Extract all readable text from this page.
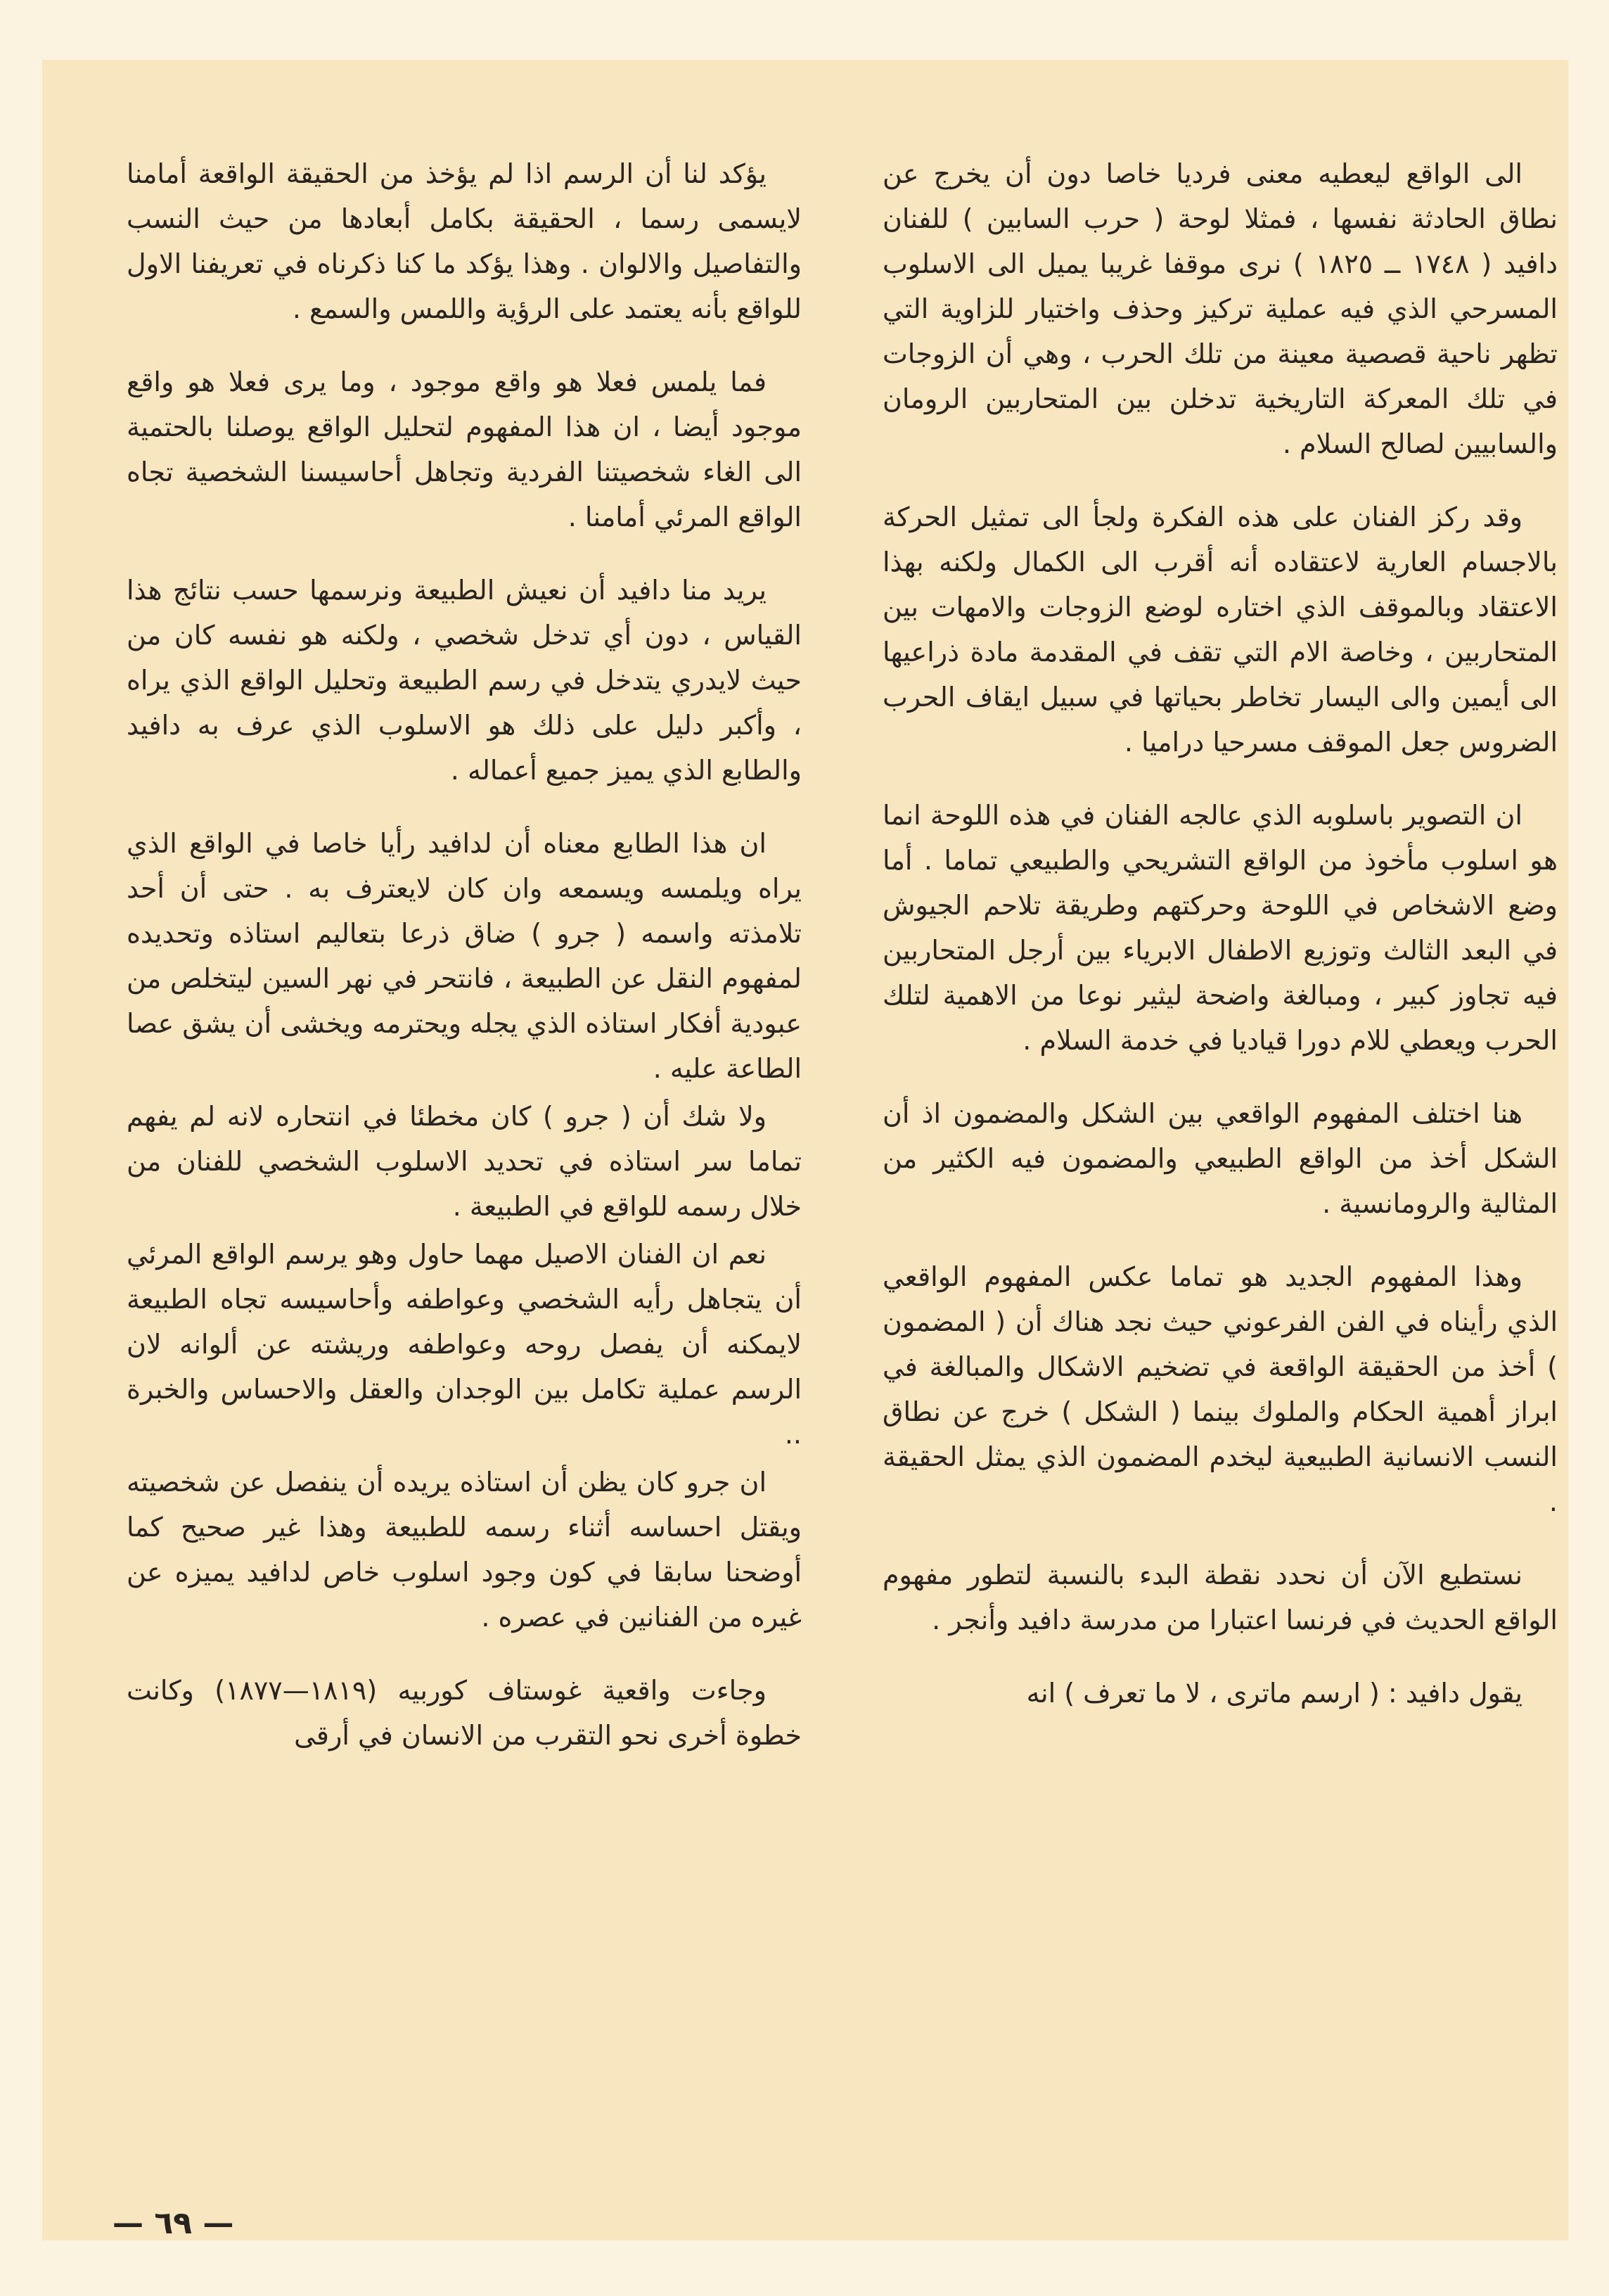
الى الواقع ليعطيه معنى فرديا خاصا دون أن يخرج عن نطاق الحادثة نفسها ، فمثلا لوحة ( حرب السابين ) للفنان دافيد ( ١٧٤٨ ــ ١٨٢٥ ) نرى موقفا غريبا يميل الى الاسلوب المسرحي الذي فيه عملية تركيز وحذف واختيار للزاوية التي تظهر ناحية قصصية معينة من تلك الحرب ، وهي أن الزوجات في تلك المعركة التاريخية تدخلن بين المتحاربين الرومان والسابيين لصالح السلام .

وقد ركز الفنان على هذه الفكرة ولجأ الى تمثيل الحركة بالاجسام العارية لاعتقاده أنه أقرب الى الكمال ولكنه بهذا الاعتقاد وبالموقف الذي اختاره لوضع الزوجات والامهات بين المتحاربين ، وخاصة الام التي تقف في المقدمة مادة ذراعيها الى أيمين والى اليسار تخاطر بحياتها في سبيل ايقاف الحرب الضروس جعل الموقف مسرحيا دراميا .

ان التصوير باسلوبه الذي عالجه الفنان في هذه اللوحة انما هو اسلوب مأخوذ من الواقع التشريحي والطبيعي تماما . أما وضع الاشخاص في اللوحة وحركتهم وطريقة تلاحم الجيوش في البعد الثالث وتوزيع الاطفال الابرياء بين أرجل المتحاربين فيه تجاوز كبير ، ومبالغة واضحة ليثير نوعا من الاهمية لتلك الحرب ويعطي للام دورا قياديا في خدمة السلام .

هنا اختلف المفهوم الواقعي بين الشكل والمضمون اذ أن الشكل أخذ من الواقع الطبيعي والمضمون فيه الكثير من المثالية والرومانسية .

وهذا المفهوم الجديد هو تماما عكس المفهوم الواقعي الذي رأيناه في الفن الفرعوني حيث نجد هناك أن ( المضمون ) أخذ من الحقيقة الواقعة في تضخيم الاشكال والمبالغة في ابراز أهمية الحكام والملوك بينما ( الشكل ) خرج عن نطاق النسب الانسانية الطبيعية ليخدم المضمون الذي يمثل الحقيقة .

نستطيع الآن أن نحدد نقطة البدء بالنسبة لتطور مفهوم الواقع الحديث في فرنسا اعتبارا من مدرسة دافيد وأنجر .

يقول دافيد : ( ارسم ماترى ، لا ما تعرف ) انه

يؤكد لنا أن الرسم اذا لم يؤخذ من الحقيقة الواقعة أمامنا لايسمى رسما ، الحقيقة بكامل أبعادها من حيث النسب والتفاصيل والالوان . وهذا يؤكد ما كنا ذكرناه في تعريفنا الاول للواقع بأنه يعتمد على الرؤية واللمس والسمع .

فما يلمس فعلا هو واقع موجود ، وما يرى فعلا هو واقع موجود أيضا ، ان هذا المفهوم لتحليل الواقع يوصلنا بالحتمية الى الغاء شخصيتنا الفردية وتجاهل أحاسيسنا الشخصية تجاه الواقع المرئي أمامنا .

يريد منا دافيد أن نعيش الطبيعة ونرسمها حسب نتائج هذا القياس ، دون أي تدخل شخصي ، ولكنه هو نفسه كان من حيث لايدري يتدخل في رسم الطبيعة وتحليل الواقع الذي يراه ، وأكبر دليل على ذلك هو الاسلوب الذي عرف به دافيد والطابع الذي يميز جميع أعماله .

ان هذا الطابع معناه أن لدافيد رأيا خاصا في الواقع الذي يراه ويلمسه ويسمعه وان كان لايعترف به . حتى أن أحد تلامذته واسمه ( جرو ) ضاق ذرعا بتعاليم استاذه وتحديده لمفهوم النقل عن الطبيعة ، فانتحر في نهر السين ليتخلص من عبودية أفكار استاذه الذي يجله ويحترمه ويخشى أن يشق عصا الطاعة عليه .

ولا شك أن ( جرو ) كان مخطئا في انتحاره لانه لم يفهم تماما سر استاذه في تحديد الاسلوب الشخصي للفنان من خلال رسمه للواقع في الطبيعة .

نعم ان الفنان الاصيل مهما حاول وهو يرسم الواقع المرئي أن يتجاهل رأيه الشخصي وعواطفه وأحاسيسه تجاه الطبيعة لايمكنه أن يفصل روحه وعواطفه وريشته عن ألوانه لان الرسم عملية تكامل بين الوجدان والعقل والاحساس والخبرة ..

ان جرو كان يظن أن استاذه يريده أن ينفصل عن شخصيته ويقتل احساسه أثناء رسمه للطبيعة وهذا غير صحيح كما أوضحنا سابقا في كون وجود اسلوب خاص لدافيد يميزه عن غيره من الفنانين في عصره .

وجاءت واقعية غوستاف كوربيه (١٨١٩—١٨٧٧) وكانت خطوة أخرى نحو التقرب من الانسان في أرقى

— ٦٩ —
